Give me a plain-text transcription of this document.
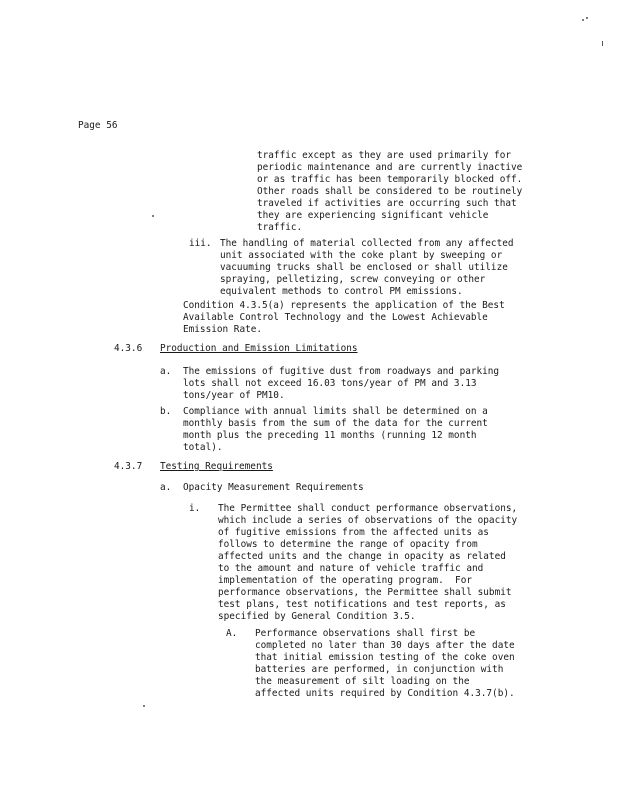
Page 56
traffic except as they are used primarily for
periodic maintenance and are currently inactive
or as traffic has been temporarily blocked off.
Other roads shall be considered to be routinely
traveled if activities are occurring such that
they are experiencing significant vehicle
traffic.
iii. The handling of material collected from any affected
unit associated with the coke plant by sweeping or
vacuuming trucks shall be enclosed or shall utilize
spraying, pelletizing, screw conveying or other
equivalent methods to control PM emissions.
Condition 4.3.5(a) represents the application of the Best
Available Control Technology and the Lowest Achievable
Emission Rate.
4.3.6 Production and Emission Limitations
a. The emissions of fugitive dust from roadways and parking
lots shall not exceed 16.03 tons/year of PM and 3.13
tons/year of PM10.
b. Compliance with annual limits shall be determined on a
monthly basis from the sum of the data for the current
month plus the preceding 11 months (running 12 month
total).
4.3.7 Testing Requirements
a. Opacity Measurement Requirements
i. The Permittee shall conduct performance observations,
which include a series of observations of the opacity
of fugitive emissions from the affected units as
follows to determine the range of opacity from
affected units and the change in opacity as related
to the amount and nature of vehicle traffic and
implementation of the operating program.  For
performance observations, the Permittee shall submit
test plans, test notifications and test reports, as
specified by General Condition 3.5.
A. Performance observations shall first be
completed no later than 30 days after the date
that initial emission testing of the coke oven
batteries are performed, in conjunction with
the measurement of silt loading on the
affected units required by Condition 4.3.7(b).
